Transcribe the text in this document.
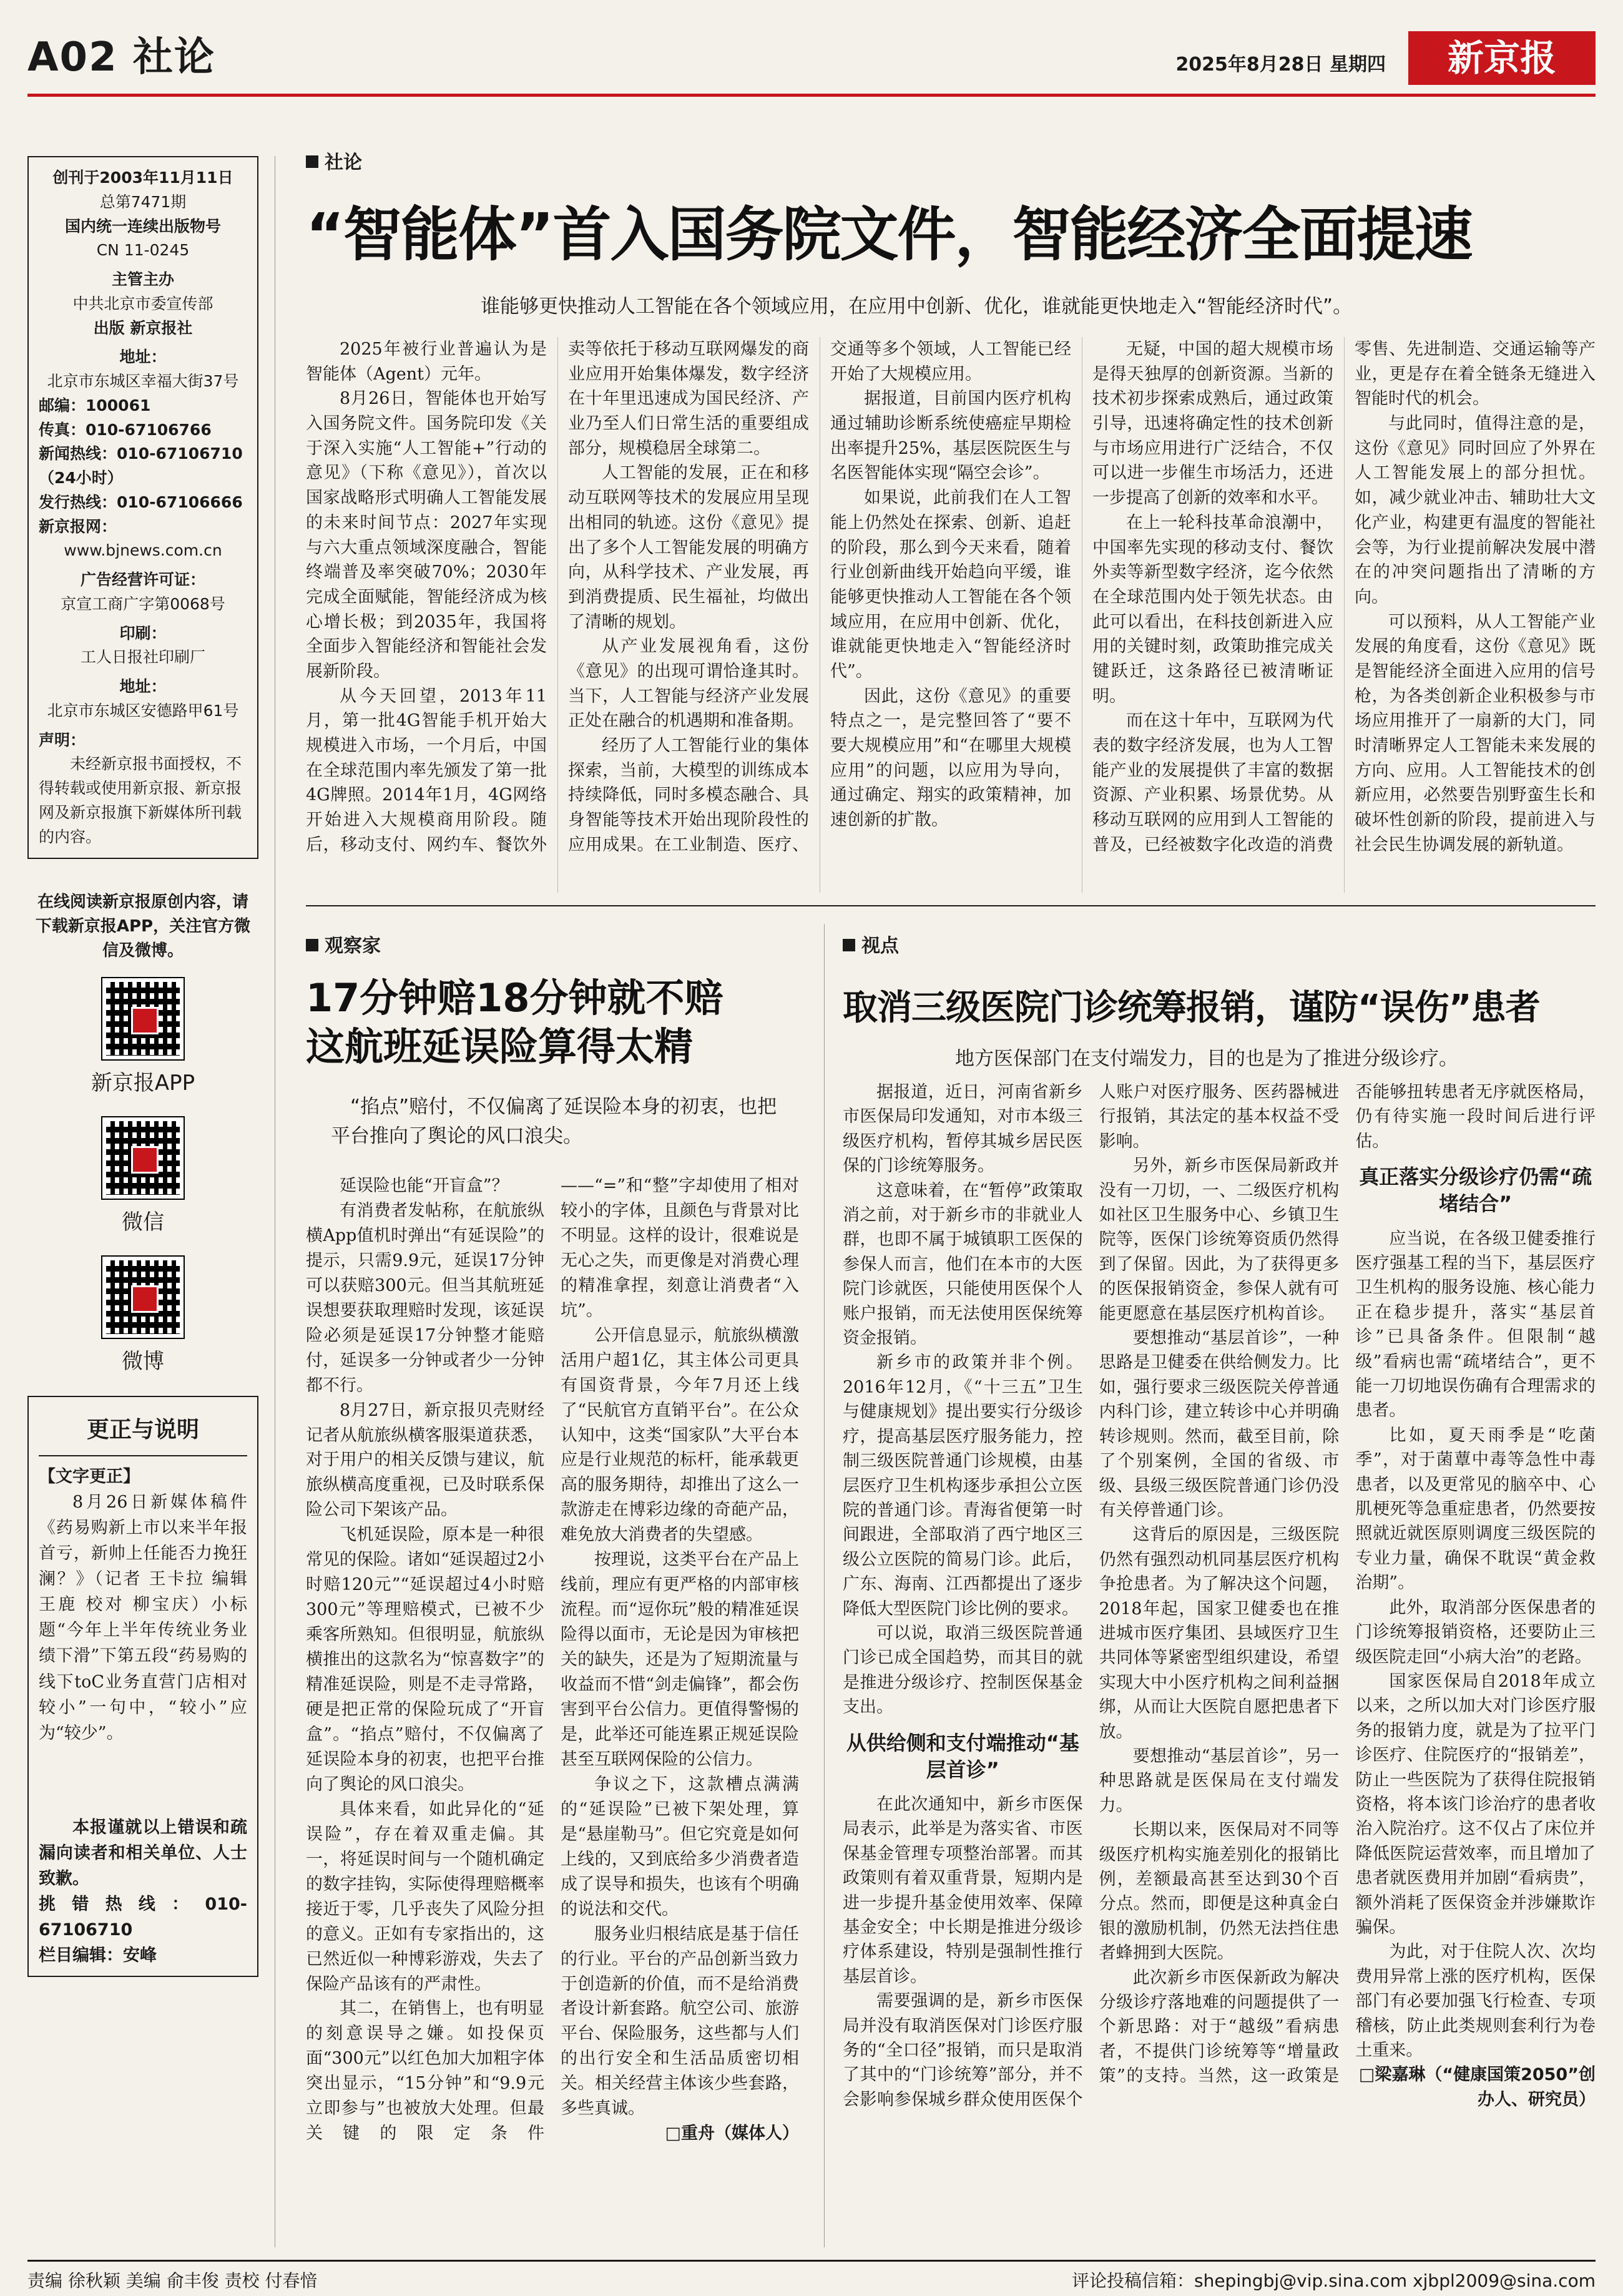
A02 社论	2025年8月28日 星期四	新京报
创刊于2003年11月11日
总第7471期
国内统一连续出版物号
CN 11-0245
主管主办
中共北京市委宣传部
出版 新京报社
地址：
北京市东城区幸福大街37号
邮编：100061
传真：010-67106766
新闻热线：010-67106710（24小时）
发行热线：010-67106666
新京报网：
www.bjnews.com.cn
广告经营许可证：
京宣工商广字第0068号
印刷：
工人日报社印刷厂
地址：
北京市东城区安德路甲61号
声明：
未经新京报书面授权，不得转载或使用新京报、新京报网及新京报旗下新媒体所刊载的内容。
在线阅读新京报原创内容，请下载新京报APP，关注官方微信及微博。
新京报APP
微信
微博
更正与说明
【文字更正】
8月26日新媒体稿件《药易购新上市以来半年报首亏，新帅上任能否力挽狂澜？》（记者 王卡拉 编辑 王鹿 校对 柳宝庆）小标题“今年上半年传统业务业绩下滑”下第五段“药易购的线下toC业务直营门店相对较小”一句中，“较小”应为“较少”。
本报谨就以上错误和疏漏向读者和相关单位、人士致歉。
挑错热线：010-67106710
栏目编辑：安峰
社论
“智能体”首入国务院文件，智能经济全面提速
谁能够更快推动人工智能在各个领域应用，在应用中创新、优化，谁就能更快地走入“智能经济时代”。

2025年被行业普遍认为是智能体（Agent）元年。

8月26日，智能体也开始写入国务院文件。国务院印发《关于深入实施“人工智能+”行动的意见》（下称《意见》），首次以国家战略形式明确人工智能发展的未来时间节点：2027年实现与六大重点领域深度融合，智能终端普及率突破70%；2030年完成全面赋能，智能经济成为核心增长极；到2035年，我国将全面步入智能经济和智能社会发展新阶段。

从今天回望，2013年11月，第一批4G智能手机开始大规模进入市场，一个月后，中国在全球范围内率先颁发了第一批4G牌照。2014年1月，4G网络开始进入大规模商用阶段。随后，移动支付、网约车、餐饮外卖等依托于移动互联网爆发的商业应用开始集体爆发，数字经济在十年里迅速成为国民经济、产业乃至人们日常生活的重要组成部分，规模稳居全球第二。

人工智能的发展，正在和移动互联网等技术的发展应用呈现出相同的轨迹。这份《意见》提出了多个人工智能发展的明确方向，从科学技术、产业发展，再到消费提质、民生福祉，均做出了清晰的规划。

从产业发展视角看，这份《意见》的出现可谓恰逢其时。当下，人工智能与经济产业发展正处在融合的机遇期和准备期。

经历了人工智能行业的集体探索，当前，大模型的训练成本持续降低，同时多模态融合、具身智能等技术开始出现阶段性的应用成果。在工业制造、医疗、交通等多个领域，人工智能已经开始了大规模应用。

据报道，目前国内医疗机构通过辅助诊断系统使癌症早期检出率提升25%，基层医院医生与名医智能体实现“隔空会诊”。

如果说，此前我们在人工智能上仍然处在探索、创新、追赶的阶段，那么到今天来看，随着行业创新曲线开始趋向平缓，谁能够更快推动人工智能在各个领域应用，在应用中创新、优化，谁就能更快地走入“智能经济时代”。

因此，这份《意见》的重要特点之一，是完整回答了“要不要大规模应用”和“在哪里大规模应用”的问题，以应用为导向，通过确定、翔实的政策精神，加速创新的扩散。

无疑，中国的超大规模市场是得天独厚的创新资源。当新的技术初步探索成熟后，通过政策引导，迅速将确定性的技术创新与市场应用进行广泛结合，不仅可以进一步催生市场活力，还进一步提高了创新的效率和水平。

在上一轮科技革命浪潮中，中国率先实现的移动支付、餐饮外卖等新型数字经济，迄今依然在全球范围内处于领先状态。由此可以看出，在科技创新进入应用的关键时刻，政策助推完成关键跃迁，这条路径已被清晰证明。

而在这十年中，互联网为代表的数字经济发展，也为人工智能产业的发展提供了丰富的数据资源、产业积累、场景优势。从移动互联网的应用到人工智能的普及，已经被数字化改造的消费零售、先进制造、交通运输等产业，更是存在着全链条无缝进入智能时代的机会。

与此同时，值得注意的是，这份《意见》同时回应了外界在人工智能发展上的部分担忧。如，减少就业冲击、辅助壮大文化产业，构建更有温度的智能社会等，为行业提前解决发展中潜在的冲突问题指出了清晰的方向。

可以预料，从人工智能产业发展的角度看，这份《意见》既是智能经济全面进入应用的信号枪，为各类创新企业积极参与市场应用推开了一扇新的大门，同时清晰界定人工智能未来发展的方向、应用。人工智能技术的创新应用，必然要告别野蛮生长和破坏性创新的阶段，提前进入与社会民生协调发展的新轨道。

观察家
17分钟赔18分钟就不赔
这航班延误险算得太精
“掐点”赔付，不仅偏离了延误险本身的初衷，也把平台推向了舆论的风口浪尖。

延误险也能“开盲盒”？

有消费者发帖称，在航旅纵横App值机时弹出“有延误险”的提示，只需9.9元，延误17分钟可以获赔300元。但当其航班延误想要获取理赔时发现，该延误险必须是延误17分钟整才能赔付，延误多一分钟或者少一分钟都不行。

8月27日，新京报贝壳财经记者从航旅纵横客服渠道获悉，对于用户的相关反馈与建议，航旅纵横高度重视，已及时联系保险公司下架该产品。

飞机延误险，原本是一种很常见的保险。诸如“延误超过2小时赔120元”“延误超过4小时赔300元”等理赔模式，已被不少乘客所熟知。但很明显，航旅纵横推出的这款名为“惊喜数字”的精准延误险，则是不走寻常路，硬是把正常的保险玩成了“开盲盒”。“掐点”赔付，不仅偏离了延误险本身的初衷，也把平台推向了舆论的风口浪尖。

具体来看，如此异化的“延误险”，存在着双重走偏。其一，将延误时间与一个随机确定的数字挂钩，实际使得理赔概率接近于零，几乎丧失了风险分担的意义。正如有专家指出的，这已然近似一种博彩游戏，失去了保险产品该有的严肃性。

其二，在销售上，也有明显的刻意误导之嫌。如投保页面“300元”以红色加大加粗字体突出显示，“15分钟”和“9.9元立即参与”也被放大处理。但最关键的限定条件——“=”和“整”字却使用了相对较小的字体，且颜色与背景对比不明显。这样的设计，很难说是无心之失，而更像是对消费心理的精准拿捏，刻意让消费者“入坑”。

公开信息显示，航旅纵横激活用户超1亿，其主体公司更具有国资背景，今年7月还上线了“民航官方直销平台”。在公众认知中，这类“国家队”大平台本应是行业规范的标杆，能承载更高的服务期待，却推出了这么一款游走在博彩边缘的奇葩产品，难免放大消费者的失望感。

按理说，这类平台在产品上线前，理应有更严格的内部审核流程。而“逗你玩”般的精准延误险得以面市，无论是因为审核把关的缺失，还是为了短期流量与收益而不惜“剑走偏锋”，都会伤害到平台公信力。更值得警惕的是，此举还可能连累正规延误险甚至互联网保险的公信力。

争议之下，这款槽点满满的“延误险”已被下架处理，算是“悬崖勒马”。但它究竟是如何上线的，又到底给多少消费者造成了误导和损失，也该有个明确的说法和交代。

服务业归根结底是基于信任的行业。平台的产品创新当致力于创造新的价值，而不是给消费者设计新套路。航空公司、旅游平台、保险服务，这些都与人们的出行安全和生活品质密切相关。相关经营主体该少些套路，多些真诚。

□重舟（媒体人）

视点
取消三级医院门诊统筹报销，谨防“误伤”患者
地方医保部门在支付端发力，目的也是为了推进分级诊疗。

据报道，近日，河南省新乡市医保局印发通知，对市本级三级医疗机构，暂停其城乡居民医保的门诊统筹服务。

这意味着，在“暂停”政策取消之前，对于新乡市的非就业人群，也即不属于城镇职工医保的参保人而言，他们在本市的大医院门诊就医，只能使用医保个人账户报销，而无法使用医保统筹资金报销。

新乡市的政策并非个例。2016年12月，《“十三五”卫生与健康规划》提出要实行分级诊疗，提高基层医疗服务能力，控制三级医院普通门诊规模，由基层医疗卫生机构逐步承担公立医院的普通门诊。青海省便第一时间跟进，全部取消了西宁地区三级公立医院的简易门诊。此后，广东、海南、江西都提出了逐步降低大型医院门诊比例的要求。

可以说，取消三级医院普通门诊已成全国趋势，而其目的就是推进分级诊疗、控制医保基金支出。

从供给侧和支付端推动“基层首诊”

在此次通知中，新乡市医保局表示，此举是为落实省、市医保基金管理专项整治部署。而其政策则有着双重背景，短期内是进一步提升基金使用效率、保障基金安全；中长期是推进分级诊疗体系建设，特别是强制性推行基层首诊。

需要强调的是，新乡市医保局并没有取消医保对门诊医疗服务的“全口径”报销，而只是取消了其中的“门诊统筹”部分，并不会影响参保城乡群众使用医保个人账户对医疗服务、医药器械进行报销，其法定的基本权益不受影响。

另外，新乡市医保局新政并没有一刀切，一、二级医疗机构如社区卫生服务中心、乡镇卫生院等，医保门诊统筹资质仍然得到了保留。因此，为了获得更多的医保报销资金，参保人就有可能更愿意在基层医疗机构首诊。

要想推动“基层首诊”，一种思路是卫健委在供给侧发力。比如，强行要求三级医院关停普通内科门诊，建立转诊中心并明确转诊规则。然而，截至目前，除了个别案例，全国的省级、市级、县级三级医院普通门诊仍没有关停普通门诊。

这背后的原因是，三级医院仍然有强烈动机同基层医疗机构争抢患者。为了解决这个问题，2018年起，国家卫健委也在推进城市医疗集团、县域医疗卫生共同体等紧密型组织建设，希望实现大中小医疗机构之间利益捆绑，从而让大医院自愿把患者下放。

要想推动“基层首诊”，另一种思路就是医保局在支付端发力。

长期以来，医保局对不同等级医疗机构实施差别化的报销比例，差额最高甚至达到30个百分点。然而，即便是这种真金白银的激励机制，仍然无法挡住患者蜂拥到大医院。

此次新乡市医保新政为解决分级诊疗落地难的问题提供了一个新思路：对于“越级”看病患者，不提供门诊统筹等“增量政策”的支持。当然，这一政策是否能够扭转患者无序就医格局，仍有待实施一段时间后进行评估。

真正落实分级诊疗仍需“疏堵结合”

应当说，在各级卫健委推行医疗强基工程的当下，基层医疗卫生机构的服务设施、核心能力正在稳步提升，落实“基层首诊”已具备条件。但限制“越级”看病也需“疏堵结合”，更不能一刀切地误伤确有合理需求的患者。

比如，夏天雨季是“吃菌季”，对于菌蕈中毒等急性中毒患者，以及更常见的脑卒中、心肌梗死等急重症患者，仍然要按照就近就医原则调度三级医院的专业力量，确保不耽误“黄金救治期”。

此外，取消部分医保患者的门诊统筹报销资格，还要防止三级医院走回“小病大治”的老路。

国家医保局自2018年成立以来，之所以加大对门诊医疗服务的报销力度，就是为了拉平门诊医疗、住院医疗的“报销差”，防止一些医院为了获得住院报销资格，将本该门诊治疗的患者收治入院治疗。这不仅占了床位并降低医院运营效率，而且增加了患者就医费用并加剧“看病贵”，额外消耗了医保资金并涉嫌欺诈骗保。

为此，对于住院人次、次均费用异常上涨的医疗机构，医保部门有必要加强飞行检查、专项稽核，防止此类规则套利行为卷土重来。

□梁嘉琳（“健康国策2050”创办人、研究员）

责编 徐秋颖 美编 俞丰俊 责校 付春愔	评论投稿信箱：shepingbj@vip.sina.com xjbpl2009@sina.com
